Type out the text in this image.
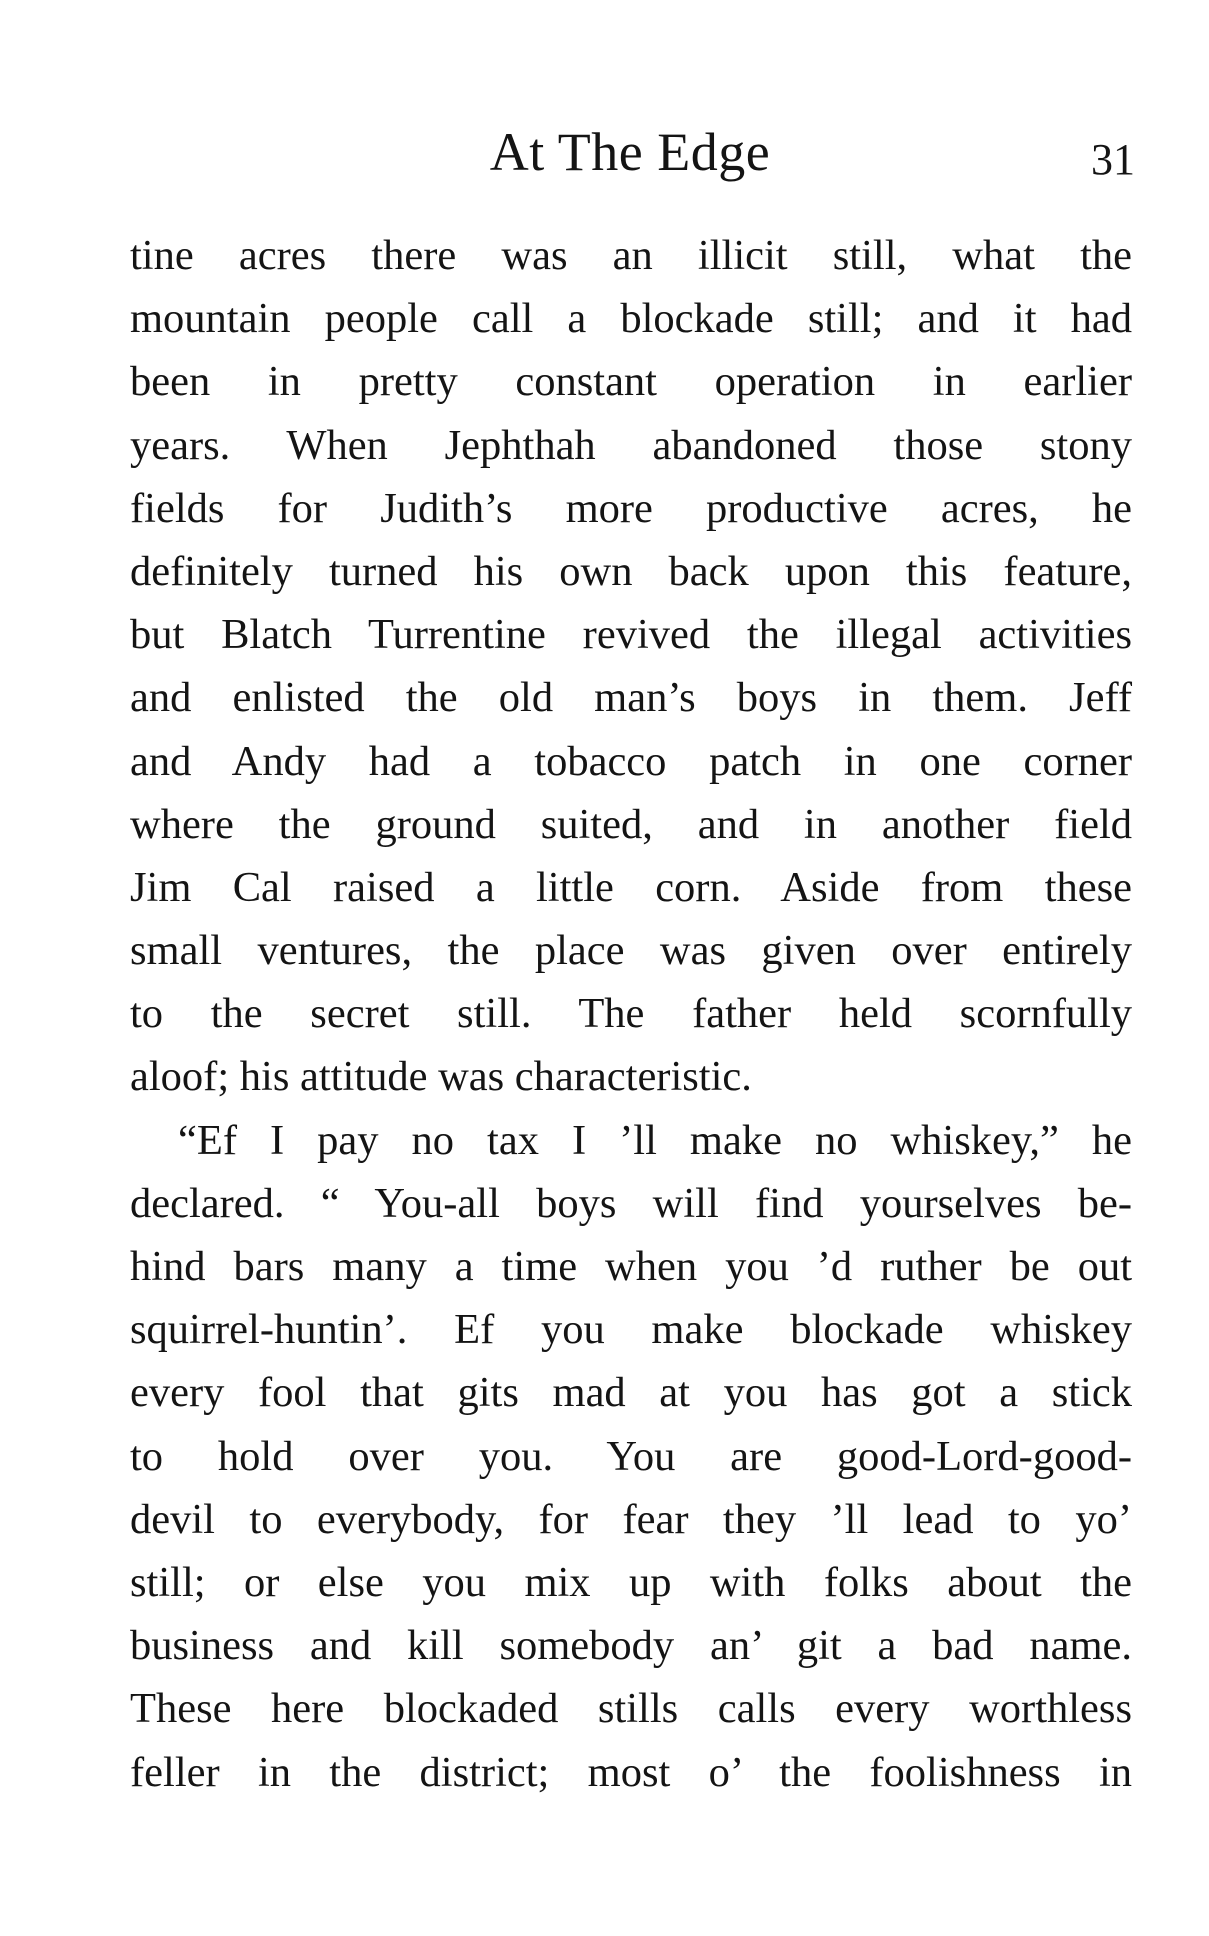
At The Edge	31
tine acres there was an illicit still, what the
mountain people call a blockade still; and it had
been in pretty constant operation in earlier
years. When Jephthah abandoned those stony
fields for Judith’s more productive acres, he
definitely turned his own back upon this feature,
but Blatch Turrentine revived the illegal activities
and enlisted the old man’s boys in them. Jeff
and Andy had a tobacco patch in one corner
where the ground suited, and in another field
Jim Cal raised a little corn. Aside from these
small ventures, the place was given over entirely
to the secret still. The father held scornfully
aloof; his attitude was characteristic.
“Ef I pay no tax I ’ll make no whiskey,” he
declared. “ You-all boys will find yourselves be-
hind bars many a time when you ’d ruther be out
squirrel-huntin’. Ef you make blockade whiskey
every fool that gits mad at you has got a stick
to hold over you. You are good-Lord-good-
devil to everybody, for fear they ’ll lead to yo’
still; or else you mix up with folks about the
business and kill somebody an’ git a bad name.
These here blockaded stills calls every worthless
feller in the district; most o’ the foolishness in
